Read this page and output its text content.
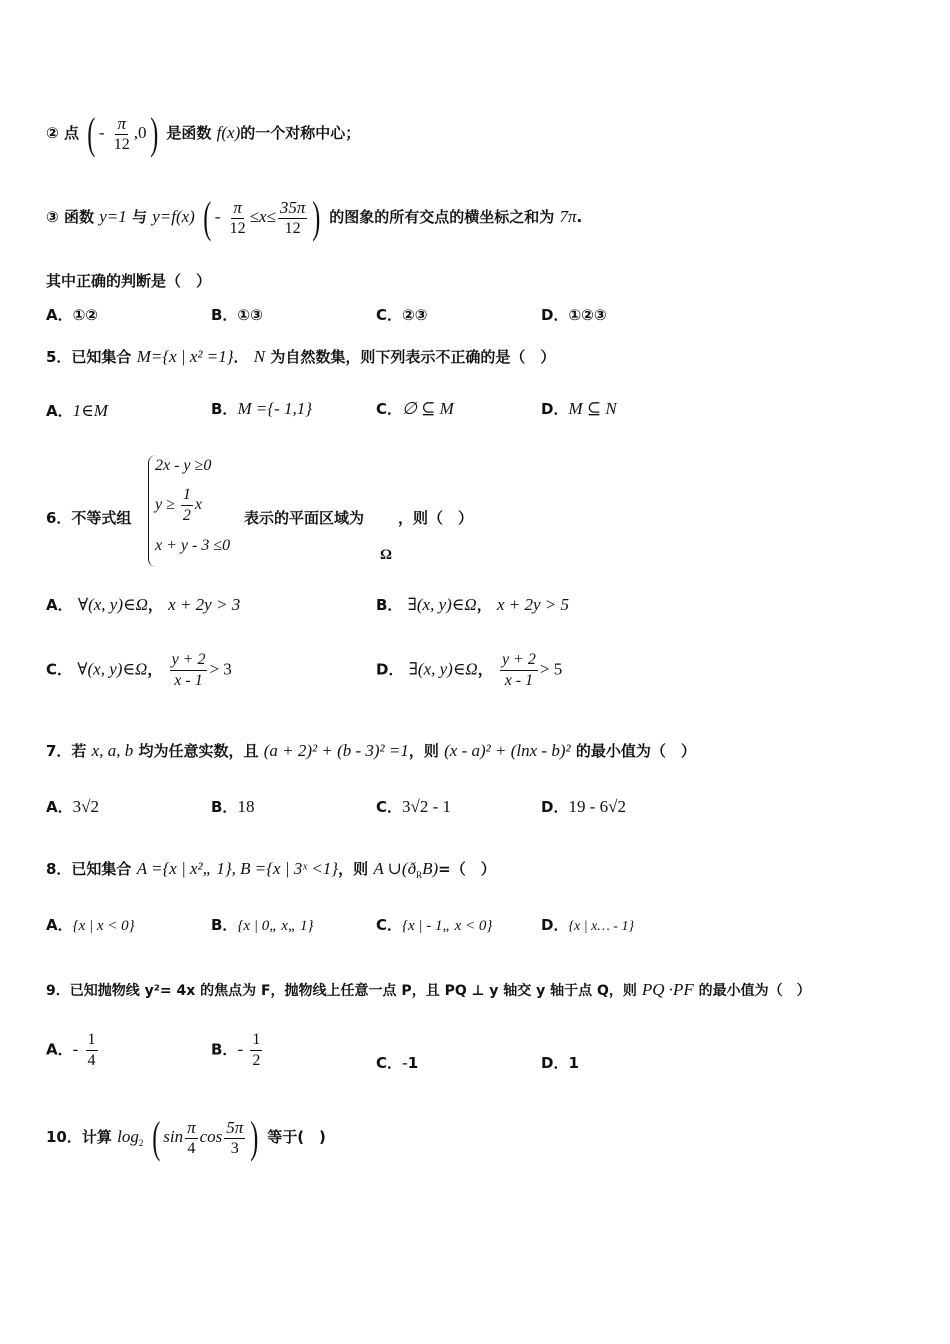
② 点 ( - $\frac{\pi}{12} ,0$) 是函数 f(x)的一个对称中心；
③ 函数 y=1 与 y=f(x) ( - $\frac{\pi}{12} \le x\le \frac{35\pi}{12}$ ) 的图象的所有交点的横坐标之和为 7π.
其中正确的判断是（　）
A．①②	B．①③	C．②③	D．①②③
5．已知集合 M={x | x² =1}． N 为自然数集，则下列表示不正确的是（　）
A．1∈M	B．M ={- 1,1}	C．∅ ⊆ M	D．M ⊆ N
6．不等式组
2x - y ≥0
$y \ge \frac{1}{2}$ x
x + y - 3 ≤0
表示的平面区域为 ，则（　）
Ω
A． ∀(x, y)∈Ω， x + 2y > 3	B． ∃(x, y)∈Ω， x + 2y > 5
C． ∀(x, y)∈Ω， $\frac{y + 2}{x - 1} > 3$	D． ∃(x, y)∈Ω， $\frac{y + 2}{x - 1} > 5$
7．若 x, a, b 均为任意实数，且 (a + 2)² + (b - 3)² =1，则 (x - a)² + (lnx - b)² 的最小值为（　）
A．3√2	B．18	C．3√2 - 1	D．19 - 6√2
8．已知集合 A ={x | x²„ 1}, B ={x | 3ˣ <1}，则 A $\cup(ð_RB)=$（　）
A．{x | x < 0}	B．{x | 0„ x„ 1}	C．{x | - 1„ x < 0}	D．{x | x… - 1}
9．已知抛物线 y²= 4x 的焦点为 F，抛物线上任意一点 P，且 PQ ⊥ y 轴交 y 轴于点 Q，则 PQ ·PF 的最小值为（　）
A．- $\frac{1}{4}$	B．- $\frac{1}{2}$	C．-1	D．1
10．计算 $\log_2$ ( $\sin \frac{\pi}{4}$ $\cos \frac{5\pi}{3}$ ) 等于(　)
